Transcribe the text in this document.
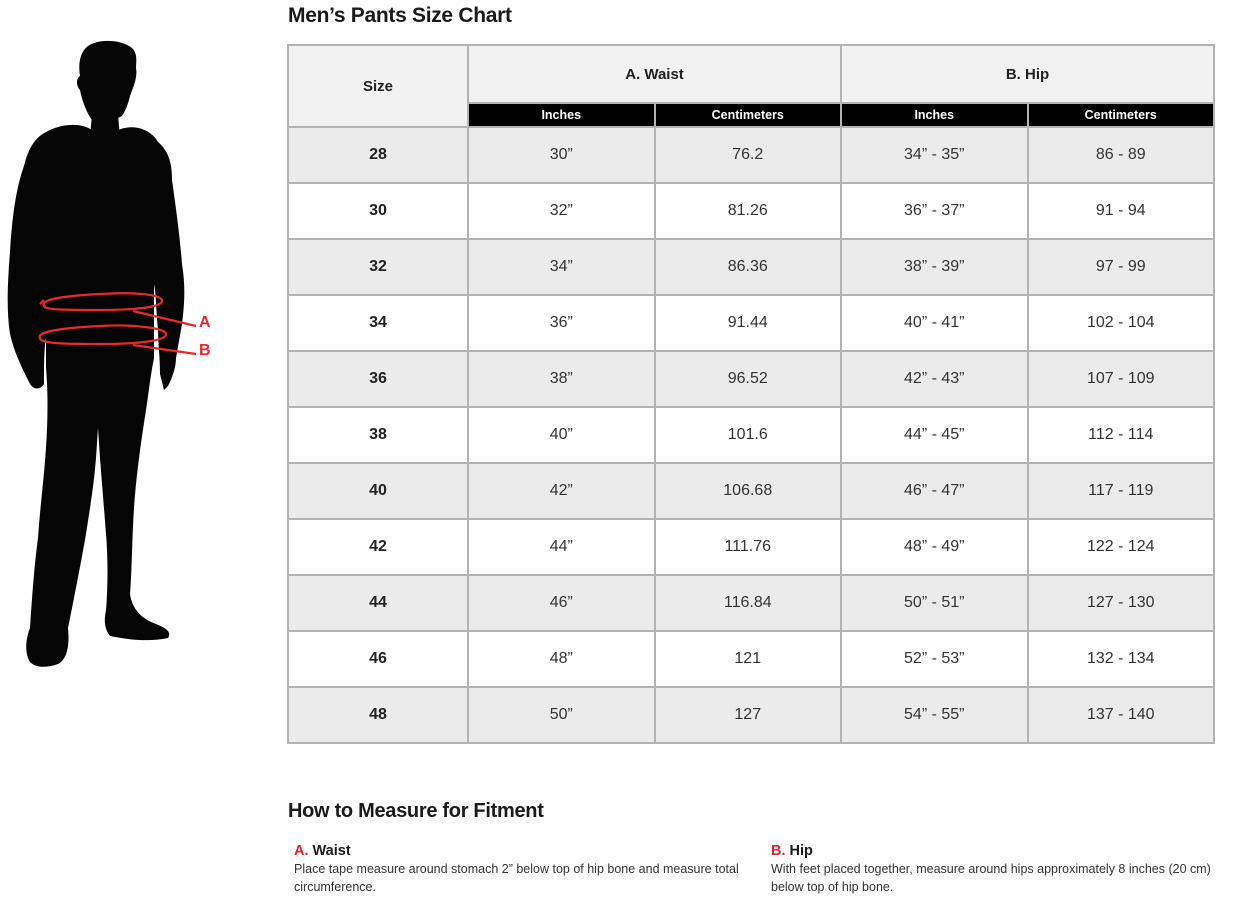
A
B
Men’s Pants Size Chart
Size	A. Waist		B. Hip	
	Inches	Centimeters	Inches	Centimeters
28	30”	76.2	34” - 35”	86 - 89
30	32”	81.26	36” - 37”	91 - 94
32	34”	86.36	38” - 39”	97 - 99
34	36”	91.44	40” - 41”	102 - 104
36	38”	96.52	42” - 43”	107 - 109
38	40”	101.6	44” - 45”	112 - 114
40	42”	106.68	46” - 47”	117 - 119
42	44”	111.76	48” - 49”	122 - 124
44	46”	116.84	50” - 51”	127 - 130
46	48”	121	52” - 53”	132 - 134
48	50”	127	54” - 55”	137 - 140
How to Measure for Fitment
A. Waist
Place tape measure around stomach 2” below top of hip bone and measure total circumference.
B. Hip
With feet placed together, measure around hips approximately 8 inches (20 cm) below top of hip bone.
